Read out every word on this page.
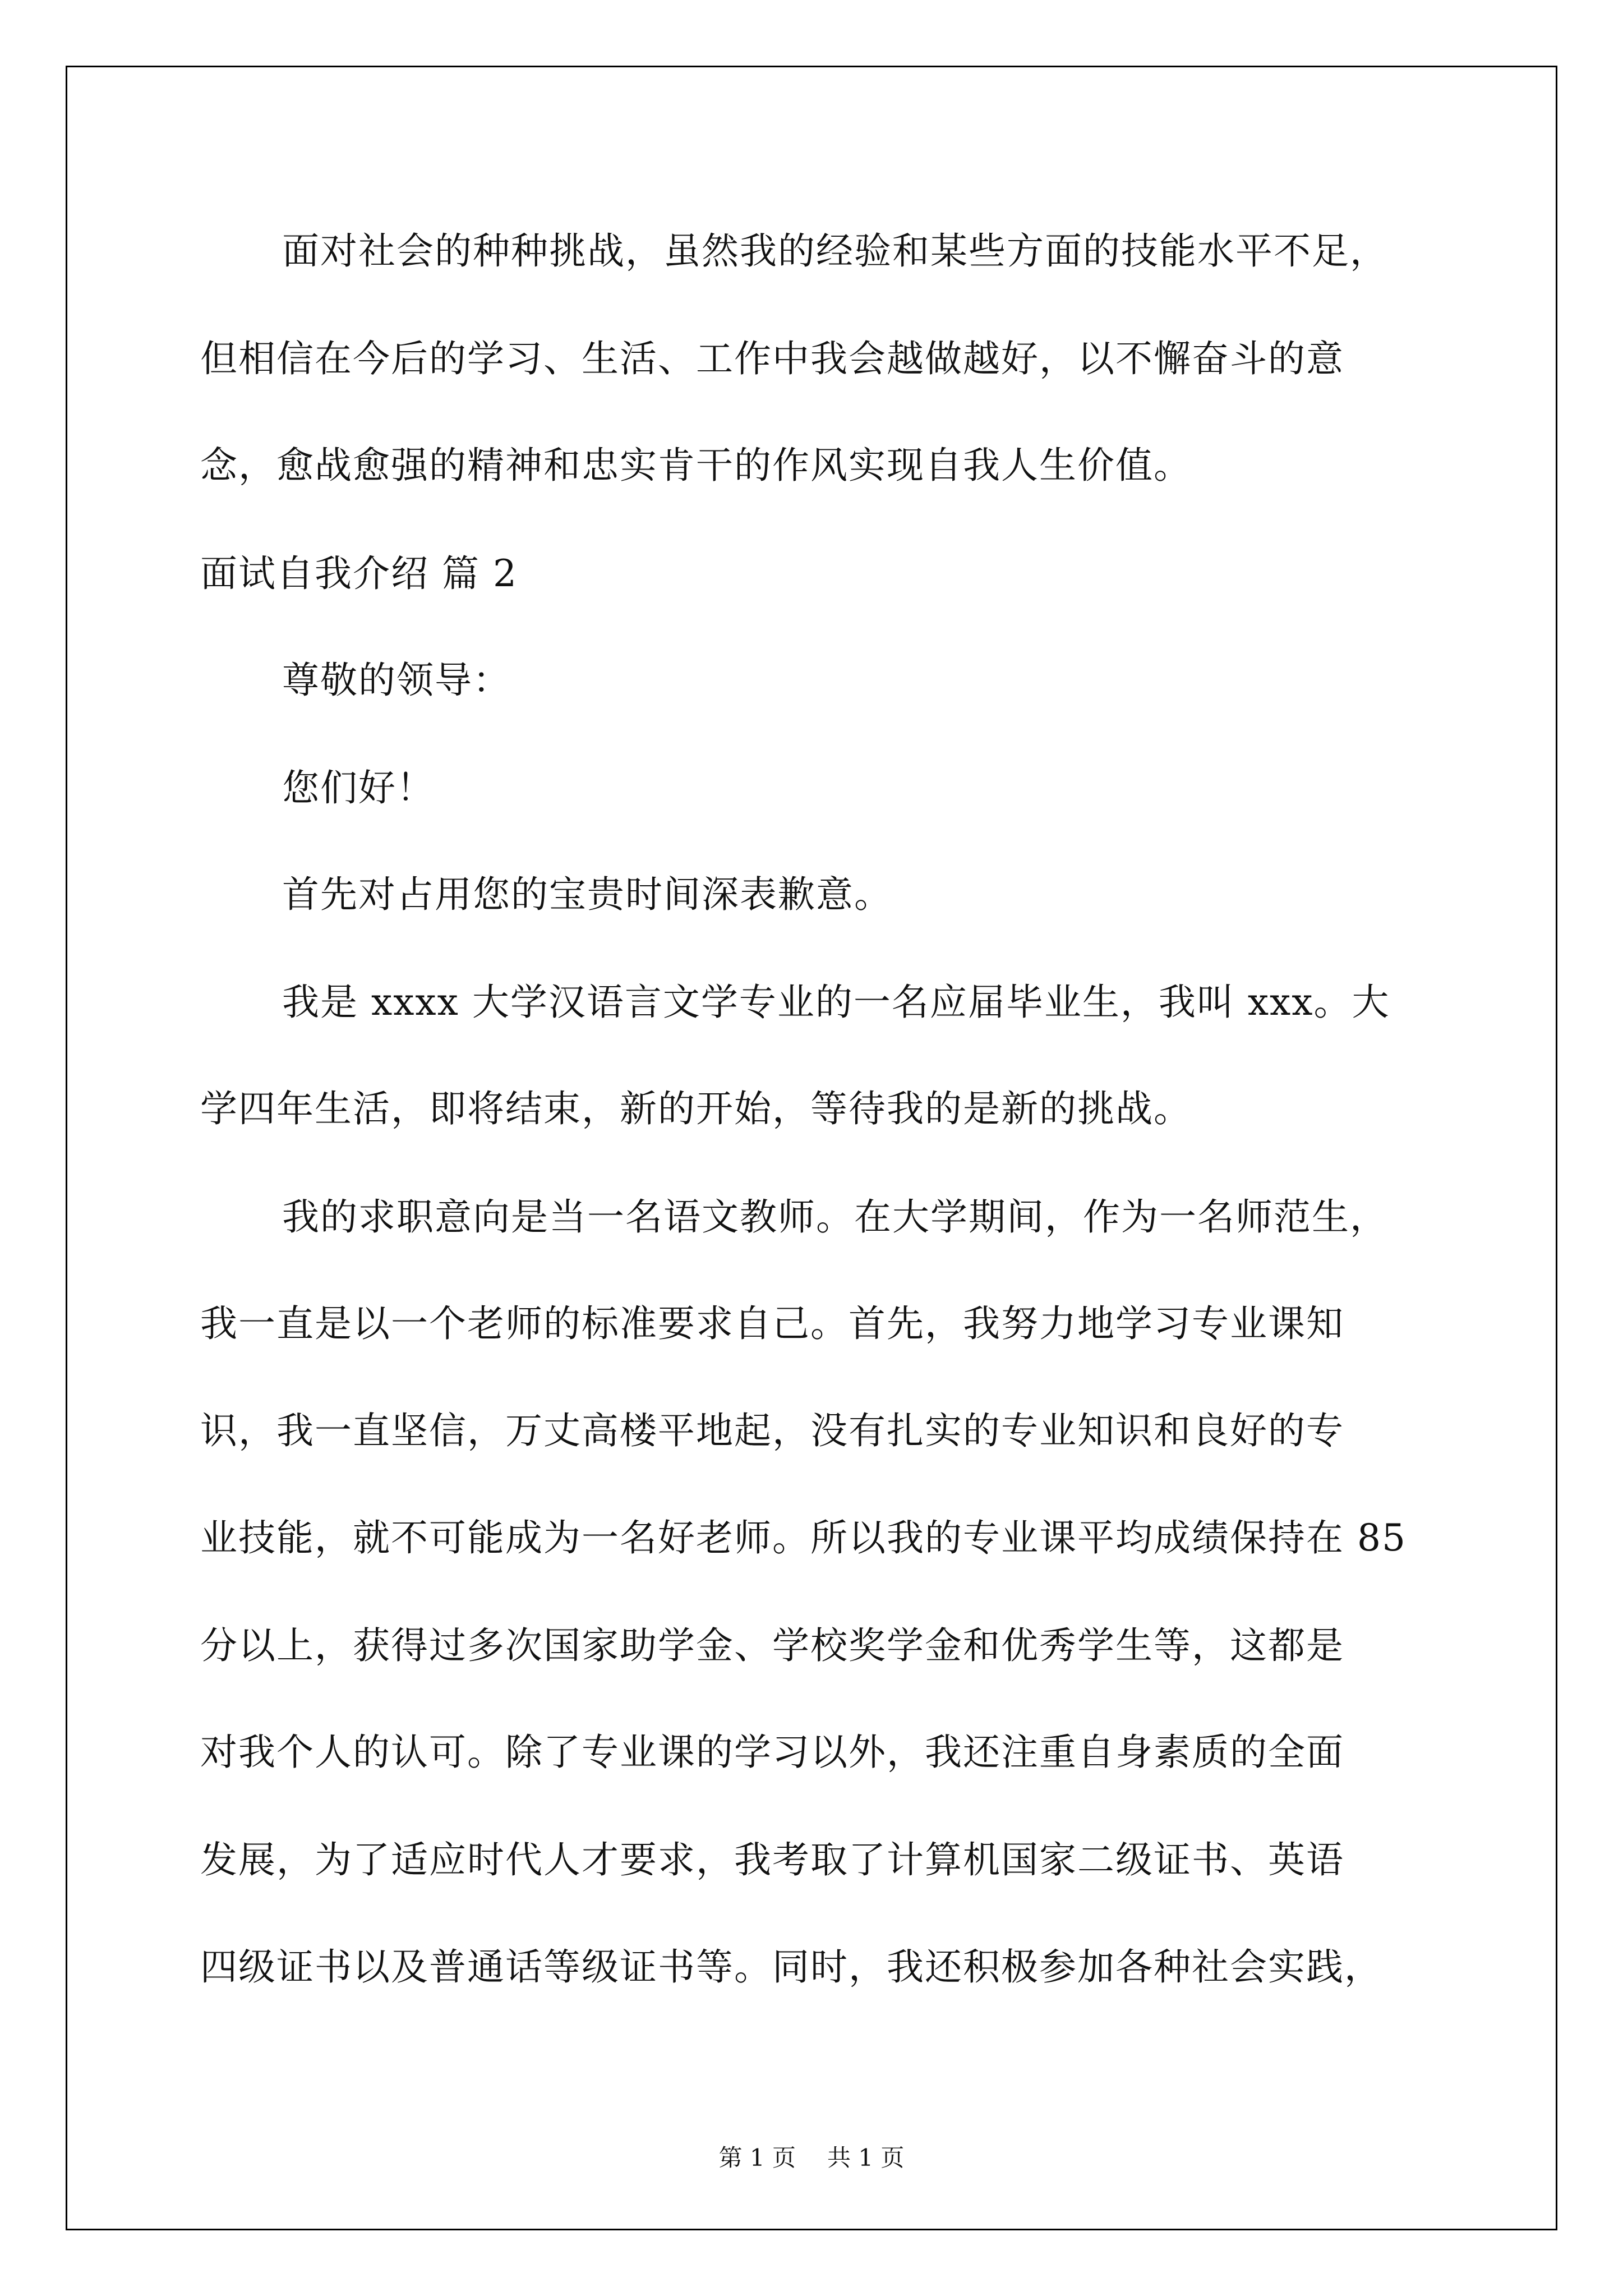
面对社会的种种挑战，虽然我的经验和某些方面的技能水平不足，
但相信在今后的学习、生活、工作中我会越做越好，以不懈奋斗的意
念，愈战愈强的精神和忠实肯干的作风实现自我人生价值。
面试自我介绍 篇 2
尊敬的领导：
您们好！
首先对占用您的宝贵时间深表歉意。
我是 xxxx 大学汉语言文学专业的一名应届毕业生，我叫 xxx。大
学四年生活，即将结束，新的开始，等待我的是新的挑战。
我的求职意向是当一名语文教师。在大学期间，作为一名师范生，
我一直是以一个老师的标准要求自己。首先，我努力地学习专业课知
识，我一直坚信，万丈高楼平地起，没有扎实的专业知识和良好的专
业技能，就不可能成为一名好老师。所以我的专业课平均成绩保持在 85
分以上，获得过多次国家助学金、学校奖学金和优秀学生等，这都是
对我个人的认可。除了专业课的学习以外，我还注重自身素质的全面
发展，为了适应时代人才要求，我考取了计算机国家二级证书、英语
四级证书以及普通话等级证书等。同时，我还积极参加各种社会实践，
第 1 页 共 1 页
